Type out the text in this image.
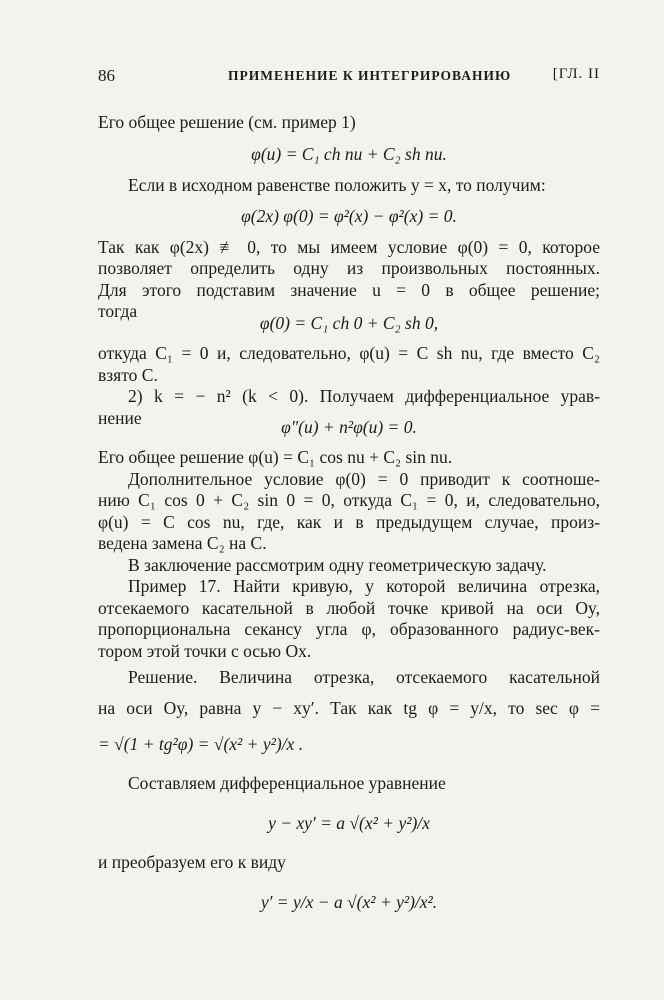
86	ПРИМЕНЕНИЕ К ИНТЕГРИРОВАНИЮ	[ГЛ. II
Его общее решение (см. пример 1)
φ(u) = C₁ ch nu + C₂ sh nu.
Если в исходном равенстве положить y = x, то получим:
φ(2x) φ(0) = φ²(x) − φ²(x) = 0.
Так как φ(2x) ≢ 0, то мы имеем условие φ(0) = 0, которое
позволяет определить одну из произвольных постоянных.
Для этого подставим значение u = 0 в общее решение;
тогда
φ(0) = C₁ ch 0 + C₂ sh 0,
откуда C₁ = 0 и, следовательно, φ(u) = C sh nu, где вместо C₂
взято C.
2) k = − n² (k < 0). Получаем дифференциальное урав-
нение	φ″(u) + n²φ(u) = 0.
Его общее решение φ(u) = C₁ cos nu + C₂ sin nu.
Дополнительное условие φ(0) = 0 приводит к соотноше-
нию C₁ cos 0 + C₂ sin 0 = 0, откуда C₁ = 0, и, следовательно,
φ(u) = C cos nu, где, как и в предыдущем случае, произ-
ведена замена C₂ на C.
В заключение рассмотрим одну геометрическую задачу.
Пример 17. Найти кривую, у которой величина отрезка,
отсекаемого касательной в любой точке кривой на оси Oy,
пропорциональна секансу угла φ, образованного радиус-век-
тором этой точки с осью Ox.
Решение. Величина отрезка, отсекаемого касательной
на оси Oy, равна y − xy′. Так как tg φ = y/x, то sec φ =
= √(1 + tg²φ) = √(x² + y²)/x .
Составляем дифференциальное уравнение
y − xy′ = a √(x² + y²)/x
и преобразуем его к виду
y′ = y/x − a √(x² + y²)/x².
